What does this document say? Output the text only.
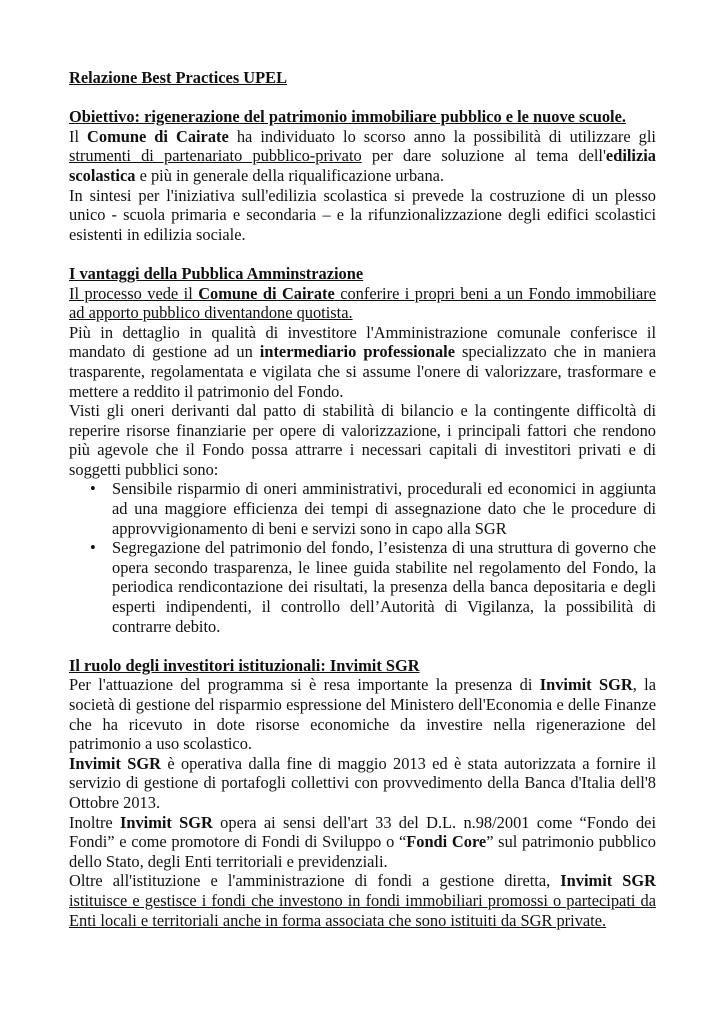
Relazione Best Practices UPEL

Obiettivo: rigenerazione del patrimonio immobiliare pubblico e le nuove scuole.

Il Comune di Cairate ha individuato lo scorso anno la possibilità di utilizzare gli strumenti di partenariato pubblico-privato per dare soluzione al tema dell'edilizia scolastica e più in generale della riqualificazione urbana.

In sintesi per l'iniziativa sull'edilizia scolastica si prevede la costruzione di un plesso unico - scuola primaria e secondaria – e la rifunzionalizzazione degli edifici scolastici esistenti in edilizia sociale.

I vantaggi della Pubblica Amminstrazione

Il processo vede il Comune di Cairate conferire i propri beni a un Fondo immobiliare ad apporto pubblico diventandone quotista.

Più in dettaglio in qualità di investitore l'Amministrazione comunale conferisce il mandato di gestione ad un intermediario professionale specializzato che in maniera trasparente, regolamentata e vigilata che si assume l'onere di valorizzare, trasformare e mettere a reddito il patrimonio del Fondo.

Visti gli oneri derivanti dal patto di stabilità di bilancio e la contingente difficoltà di reperire risorse finanziarie per opere di valorizzazione, i principali fattori che rendono più agevole che il Fondo possa attrarre i necessari capitali di investitori privati e di soggetti pubblici sono:

• Sensibile risparmio di oneri amministrativi, procedurali ed economici in aggiunta ad una maggiore efficienza dei tempi di assegnazione dato che le procedure di approvvigionamento di beni e servizi sono in capo alla SGR
• Segregazione del patrimonio del fondo, l’esistenza di una struttura di governo che opera secondo trasparenza, le linee guida stabilite nel regolamento del Fondo, la periodica rendicontazione dei risultati, la presenza della banca depositaria e degli esperti indipendenti, il controllo dell’Autorità di Vigilanza, la possibilità di contrarre debito.

Il ruolo degli investitori istituzionali: Invimit SGR

Per l'attuazione del programma si è resa importante la presenza di Invimit SGR, la società di gestione del risparmio espressione del Ministero dell'Economia e delle Finanze che ha ricevuto in dote risorse economiche da investire nella rigenerazione del patrimonio a uso scolastico.

Invimit SGR è operativa dalla fine di maggio 2013 ed è stata autorizzata a fornire il servizio di gestione di portafogli collettivi con provvedimento della Banca d'Italia dell'8 Ottobre 2013.

Inoltre Invimit SGR opera ai sensi dell'art 33 del D.L. n.98/2001 come “Fondo dei Fondi” e come promotore di Fondi di Sviluppo o “Fondi Core” sul patrimonio pubblico dello Stato, degli Enti territoriali e previdenziali.

Oltre all'istituzione e l'amministrazione di fondi a gestione diretta, Invimit SGR istituisce e gestisce i fondi che investono in fondi immobiliari promossi o partecipati da Enti locali e territoriali anche in forma associata che sono istituiti da SGR private.
